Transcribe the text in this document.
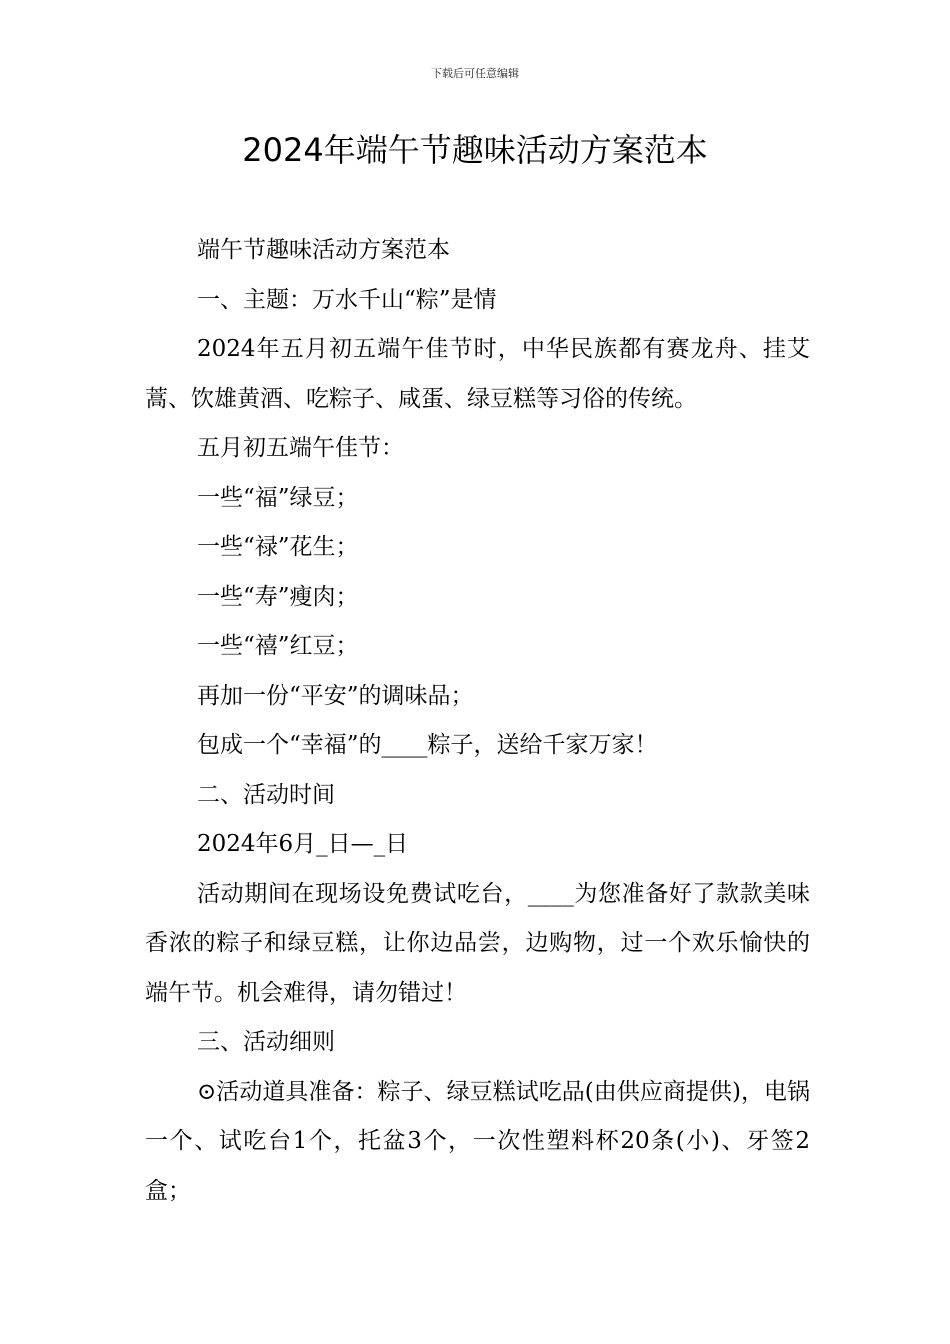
下载后可任意编辑
2024年端午节趣味活动方案范本

端午节趣味活动方案范本

一、主题：万水千山“粽”是情

2024年五月初五端午佳节时，中华民族都有赛龙舟、挂艾蒿、饮雄黄酒、吃粽子、咸蛋、绿豆糕等习俗的传统。

五月初五端午佳节：

一些“福”绿豆；

一些“禄”花生；

一些“寿”瘦肉；

一些“禧”红豆；

再加一份“平安”的调味品；

包成一个“幸福”的____粽子，送给千家万家！

二、活动时间

2024年6月_日—_日

活动期间在现场设免费试吃台，____为您准备好了款款美味香浓的粽子和绿豆糕，让你边品尝，边购物，过一个欢乐愉快的端午节。机会难得，请勿错过！

三、活动细则

⊙活动道具准备：粽子、绿豆糕试吃品(由供应商提供)，电锅一个、试吃台1个，托盆3个，一次性塑料杯20条(小)、牙签2盒；
